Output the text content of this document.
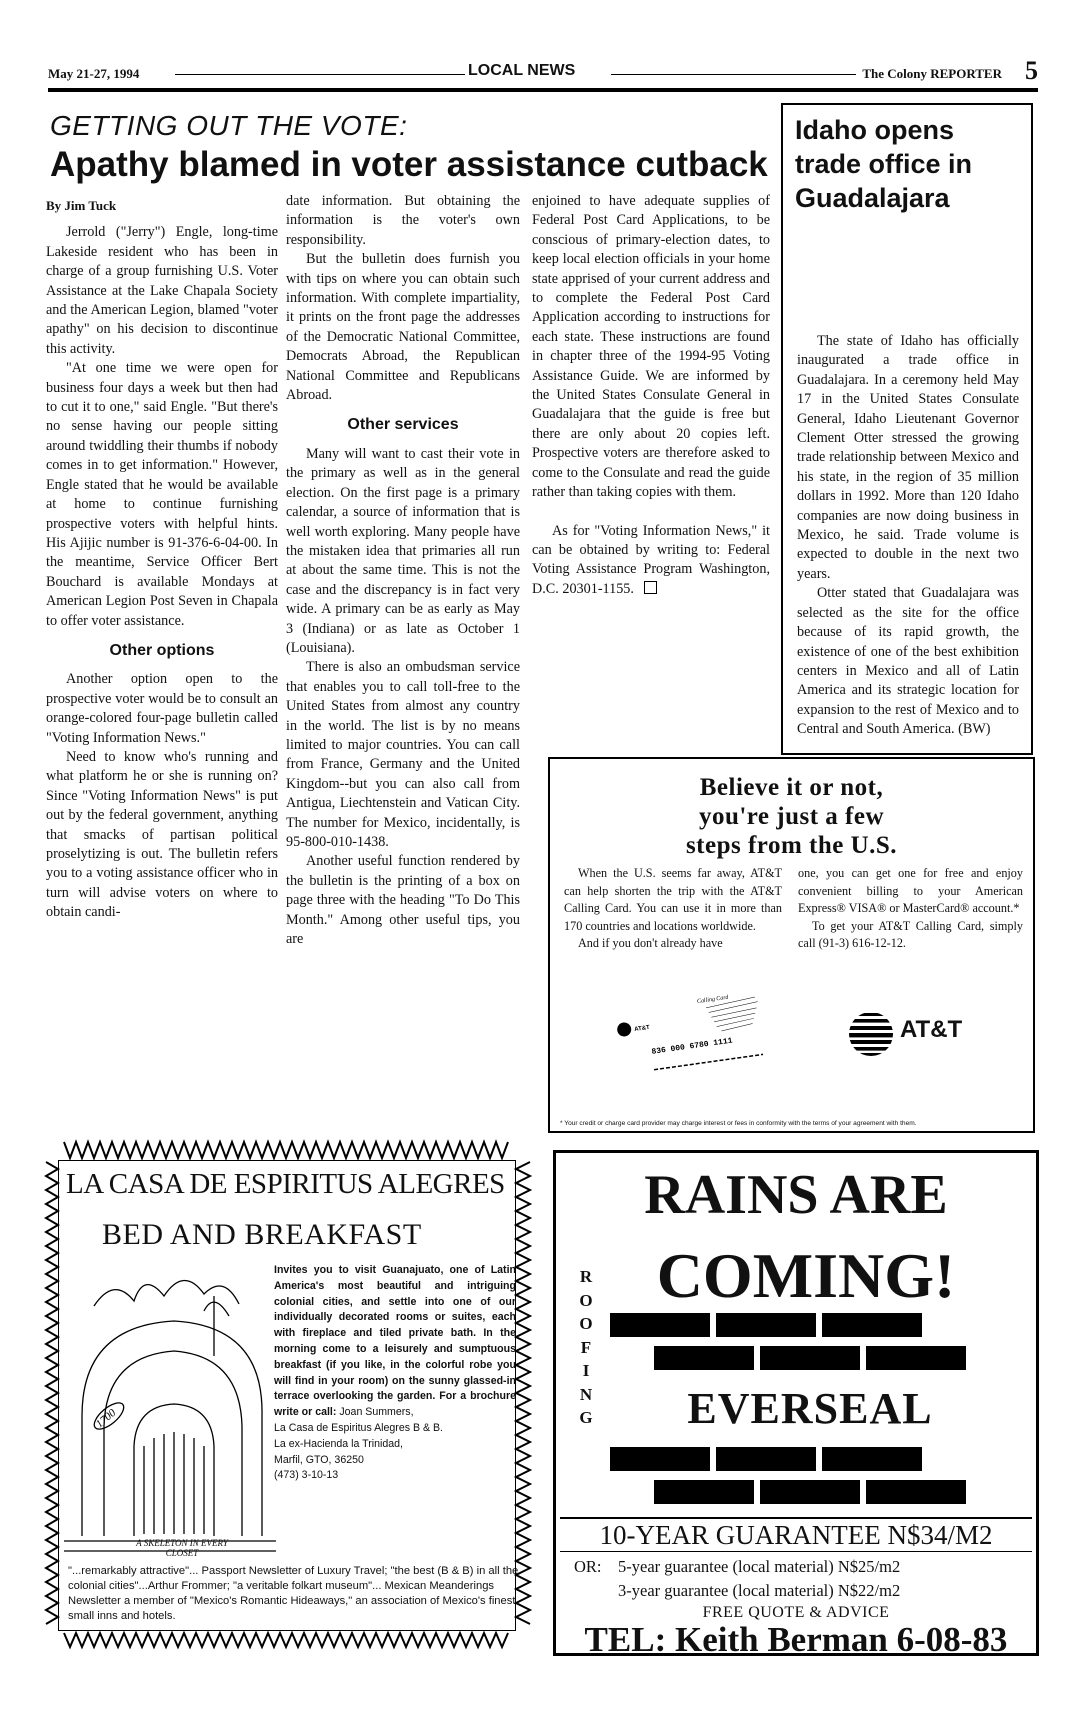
May 21-27, 1994	LOCAL NEWS	The Colony REPORTER 5
GETTING OUT THE VOTE:
Apathy blamed in voter assistance cutback

By Jim Tuck

Jerrold ("Jerry") Engle, long-time Lakeside resident who has been in charge of a group furnishing U.S. Voter Assistance at the Lake Chapala Society and the American Legion, blamed "voter apathy" on his decision to discontinue this activity.

"At one time we were open for business four days a week but then had to cut it to one," said Engle. "But there's no sense having our people sitting around twiddling their thumbs if nobody comes in to get information." However, Engle stated that he would be available at home to continue furnishing prospective voters with helpful hints. His Ajijic number is 91-376-6-04-00. In the meantime, Service Officer Bert Bouchard is available Mondays at American Legion Post Seven in Chapala to offer voter assistance.

Other options

Another option open to the prospective voter would be to consult an orange-colored four-page bulletin called "Voting Information News."

Need to know who's running and what platform he or she is running on? Since "Voting Information News" is put out by the federal government, anything that smacks of partisan political proselytizing is out. The bulletin refers you to a voting assistance officer who in turn will advise voters on where to obtain candi-

date information. But obtaining the information is the voter's own responsibility.

But the bulletin does furnish you with tips on where you can obtain such information. With complete impartiality, it prints on the front page the addresses of the Democratic National Committee, Democrats Abroad, the Republican National Committee and Republicans Abroad.

Other services

Many will want to cast their vote in the primary as well as in the general election. On the first page is a primary calendar, a source of information that is well worth exploring. Many people have the mistaken idea that primaries all run at about the same time. This is not the case and the discrepancy is in fact very wide. A primary can be as early as May 3 (Indiana) or as late as October 1 (Louisiana).

There is also an ombudsman service that enables you to call toll-free to the United States from almost any country in the world. The list is by no means limited to major countries. You can call from France, Germany and the United Kingdom--but you can also call from Antigua, Liechtenstein and Vatican City. The number for Mexico, incidentally, is 95-800-010-1438.

Another useful function rendered by the bulletin is the printing of a box on page three with the heading "To Do This Month." Among other useful tips, you are

enjoined to have adequate supplies of Federal Post Card Applications, to be conscious of primary-election dates, to keep local election officials in your home state apprised of your current address and to complete the Federal Post Card Application according to instructions for each state. These instructions are found in chapter three of the 1994-95 Voting Assistance Guide. We are informed by the United States Consulate General in Guadalajara that the guide is free but there are only about 20 copies left. Prospective voters are therefore asked to come to the Consulate and read the guide rather than taking copies with them.

As for "Voting Information News," it can be obtained by writing to: Federal Voting Assistance Program Washington, D.C. 20301-1155.

Idaho opens trade office in Guadalajara

The state of Idaho has officially inaugurated a trade office in Guadalajara. In a ceremony held May 17 in the United States Consulate General, Idaho Lieutenant Governor Clement Otter stressed the growing trade relationship between Mexico and his state, in the region of 35 million dollars in 1992. More than 120 Idaho companies are now doing business in Mexico, he said. Trade volume is expected to double in the next two years.

Otter stated that Guadalajara was selected as the site for the office because of its rapid growth, the existence of one of the best exhibition centers in Mexico and all of Latin America and its strategic location for expansion to the rest of Mexico and to Central and South America. (BW)

Believe it or not,
you're just a few
steps from the U.S.

When the U.S. seems far away, AT&T can help shorten the trip with the AT&T Calling Card. You can use it in more than 170 countries and locations worldwide.

And if you don't already have

one, you can get one for free and enjoy convenient billing to your American Express® VISA® or MasterCard® account.*

To get your AT&T Calling Card, simply call (91-3) 616-12-12.

AT&T
Calling Card
836 000 6780 1111
AT&T
* Your credit or charge card provider may charge interest or fees in conformity with the terms of your agreement with them.
LA CASA DE ESPIRITUS ALEGRES
BED AND BREAKFAST
1700
A SKELETON IN EVERY CLOSET
Invites you to visit Guanajuato, one of Latin America's most beautiful and intriguing colonial cities, and settle into one of our individually decorated rooms or suites, each with fireplace and tiled private bath. In the morning come to a leisurely and sumptuous breakfast (if you like, in the colorful robe you will find in your room) on the sunny glassed-in terrace overlooking the garden. For a brochure write or call: Joan Summers,
La Casa de Espiritus Alegres B & B.
La ex-Hacienda la Trinidad,
Marfil, GTO, 36250
(473) 3-10-13
"...remarkably attractive"... Passport Newsletter of Luxury Travel; "the best (B & B) in all the colonial cities"...Arthur Frommer; "a veritable folkart museum"... Mexican Meanderings Newsletter a member of "Mexico's Romantic Hideaways," an association of Mexico's finest small inns and hotels.
RAINS ARE
COMING!
R
O
O
F
I
N
G	EVERSEAL
10-YEAR GUARANTEE N$34/M2
OR: 5-year guarantee (local material) N$25/m2
3-year guarantee (local material) N$22/m2
FREE QUOTE & ADVICE
TEL: Keith Berman 6-08-83
